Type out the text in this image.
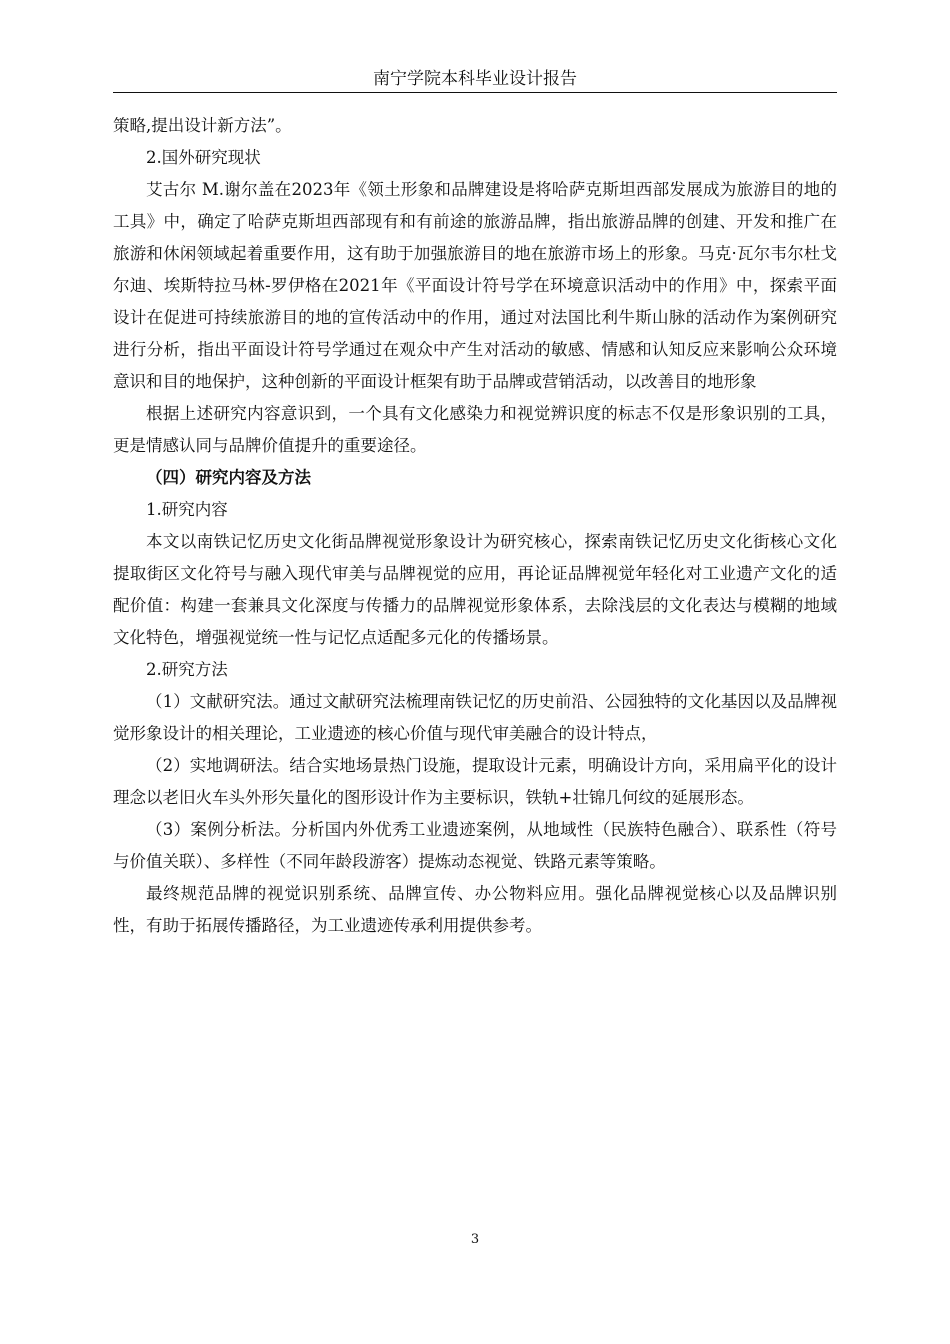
南宁学院本科毕业设计报告

策略,提出设计新方法”。

2.国外研究现状

艾古尔 M.谢尔盖在2023年《领土形象和品牌建设是将哈萨克斯坦西部发展成为旅游目的地的工具》中，确定了哈萨克斯坦西部现有和有前途的旅游品牌，指出旅游品牌的创建、开发和推广在旅游和休闲领域起着重要作用，这有助于加强旅游目的地在旅游市场上的形象。马克·瓦尔韦尔杜戈尔迪、埃斯特拉马林-罗伊格在2021年《平面设计符号学在环境意识活动中的作用》中，探索平面设计在促进可持续旅游目的地的宣传活动中的作用，通过对法国比利牛斯山脉的活动作为案例研究进行分析，指出平面设计符号学通过在观众中产生对活动的敏感、情感和认知反应来影响公众环境意识和目的地保护，这种创新的平面设计框架有助于品牌或营销活动，以改善目的地形象

根据上述研究内容意识到，一个具有文化感染力和视觉辨识度的标志不仅是形象识别的工具，更是情感认同与品牌价值提升的重要途径。

（四）研究内容及方法

1.研究内容

本文以南铁记忆历史文化街品牌视觉形象设计为研究核心，探索南铁记忆历史文化街核心文化提取街区文化符号与融入现代审美与品牌视觉的应用，再论证品牌视觉年轻化对工业遗产文化的适配价值：构建一套兼具文化深度与传播力的品牌视觉形象体系，去除浅层的文化表达与模糊的地域文化特色，增强视觉统一性与记忆点适配多元化的传播场景。

2.研究方法

（1）文献研究法。通过文献研究法梳理南铁记忆的历史前沿、公园独特的文化基因以及品牌视觉形象设计的相关理论，工业遗迹的核心价值与现代审美融合的设计特点，

（2）实地调研法。结合实地场景热门设施，提取设计元素，明确设计方向，采用扁平化的设计理念以老旧火车头外形矢量化的图形设计作为主要标识，铁轨+壮锦几何纹的延展形态。

（3）案例分析法。分析国内外优秀工业遗迹案例，从地域性（民族特色融合）、联系性（符号与价值关联）、多样性（不同年龄段游客）提炼动态视觉、铁路元素等策略。

最终规范品牌的视觉识别系统、品牌宣传、办公物料应用。强化品牌视觉核心以及品牌识别性，有助于拓展传播路径，为工业遗迹传承利用提供参考。

3
